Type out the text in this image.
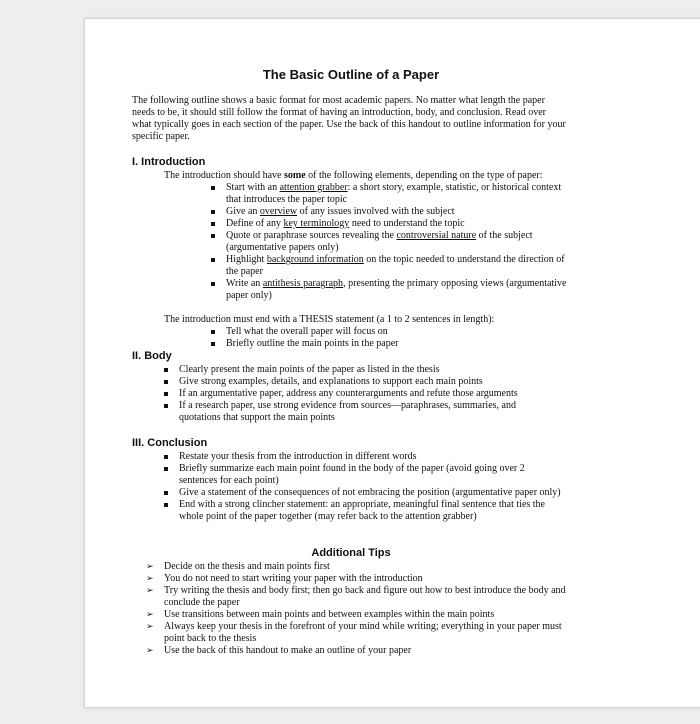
The Basic Outline of a Paper
The following outline shows a basic format for most academic papers. No matter what length the paper needs to be, it should still follow the format of having an introduction, body, and conclusion. Read over what typically goes in each section of the paper. Use the back of this handout to outline information for your specific paper.
I. Introduction
The introduction should have some of the following elements, depending on the type of paper:
Start with an attention grabber: a short story, example, statistic, or historical context that introduces the paper topic
Give an overview of any issues involved with the subject
Define of any key terminology need to understand the topic
Quote or paraphrase sources revealing the controversial nature of the subject (argumentative papers only)
Highlight background information on the topic needed to understand the direction of the paper
Write an antithesis paragraph, presenting the primary opposing views (argumentative paper only)
The introduction must end with a THESIS statement (a 1 to 2 sentences in length):
Tell what the overall paper will focus on
Briefly outline the main points in the paper
II. Body
Clearly present the main points of the paper as listed in the thesis
Give strong examples, details, and explanations to support each main points
If an argumentative paper, address any counterarguments and refute those arguments
If a research paper, use strong evidence from sources—paraphrases, summaries, and quotations that support the main points
III. Conclusion
Restate your thesis from the introduction in different words
Briefly summarize each main point found in the body of the paper (avoid going over 2 sentences for each point)
Give a statement of the consequences of not embracing the position (argumentative paper only)
End with a strong clincher statement: an appropriate, meaningful final sentence that ties the whole point of the paper together (may refer back to the attention grabber)
Additional Tips
➢ Decide on the thesis and main points first
➢ You do not need to start writing your paper with the introduction
➢ Try writing the thesis and body first; then go back and figure out how to best introduce the body and conclude the paper
➢ Use transitions between main points and between examples within the main points
➢ Always keep your thesis in the forefront of your mind while writing; everything in your paper must point back to the thesis
➢ Use the back of this handout to make an outline of your paper
